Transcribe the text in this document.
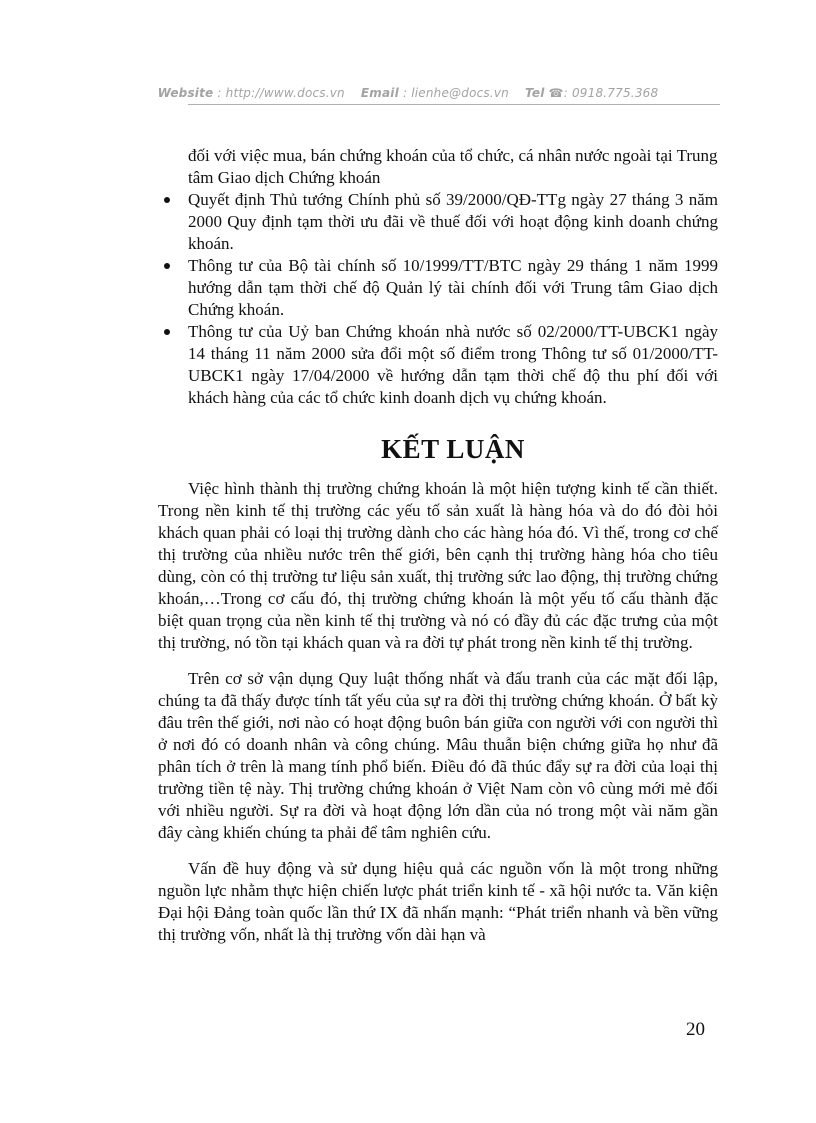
Website : http://www.docs.vn Email : lienhe@docs.vn Tel ☎: 0918.775.368

đối với việc mua, bán chứng khoán của tổ chức, cá nhân nước ngoài tại Trung tâm Giao dịch Chứng khoán

Quyết định Thủ tướng Chính phủ số 39/2000/QĐ-TTg ngày 27 tháng 3 năm 2000 Quy định tạm thời ưu đãi về thuế đối với hoạt động kinh doanh chứng khoán.
Thông tư của Bộ tài chính số 10/1999/TT/BTC ngày 29 tháng 1 năm 1999 hướng dẫn tạm thời chế độ Quản lý tài chính đối với Trung tâm Giao dịch Chứng khoán.
Thông tư của Uỷ ban Chứng khoán nhà nước số 02/2000/TT-UBCK1 ngày 14 tháng 11 năm 2000 sửa đổi một số điểm trong Thông tư số 01/2000/TT-UBCK1 ngày 17/04/2000 về hướng dẫn tạm thời chế độ thu phí đối với khách hàng của các tổ chức kinh doanh dịch vụ chứng khoán.
KẾT LUẬN

Việc hình thành thị trường chứng khoán là một hiện tượng kinh tế cần thiết. Trong nền kinh tế thị trường các yếu tố sản xuất là hàng hóa và do đó đòi hỏi khách quan phải có loại thị trường dành cho các hàng hóa đó. Vì thế, trong cơ chế thị trường của nhiều nước trên thế giới, bên cạnh thị trường hàng hóa cho tiêu dùng, còn có thị trường tư liệu sản xuất, thị trường sức lao động, thị trường chứng khoán,…Trong cơ cấu đó, thị trường chứng khoán là một yếu tố cấu thành đặc biệt quan trọng của nền kinh tế thị trường và nó có đầy đủ các đặc trưng của một thị trường, nó tồn tại khách quan và ra đời tự phát trong nền kinh tế thị trường.

Trên cơ sở vận dụng Quy luật thống nhất và đấu tranh của các mặt đối lập, chúng ta đã thấy được tính tất yếu của sự ra đời thị trường chứng khoán. Ở bất kỳ đâu trên thế giới, nơi nào có hoạt động buôn bán giữa con người với con người thì ở nơi đó có doanh nhân và công chúng. Mâu thuẫn biện chứng giữa họ như đã phân tích ở trên là mang tính phổ biến. Điều đó đã thúc đẩy sự ra đời của loại thị trường tiền tệ này. Thị trường chứng khoán ở Việt Nam còn vô cùng mới mẻ đối với nhiều người. Sự ra đời và hoạt động lớn dần của nó trong một vài năm gần đây càng khiến chúng ta phải để tâm nghiên cứu.

Vấn đề huy động và sử dụng hiệu quả các nguồn vốn là một trong những nguồn lực nhằm thực hiện chiến lược phát triển kinh tế - xã hội nước ta. Văn kiện Đại hội Đảng toàn quốc lần thứ IX đã nhấn mạnh: “Phát triển nhanh và bền vững thị trường vốn, nhất là thị trường vốn dài hạn và

20
